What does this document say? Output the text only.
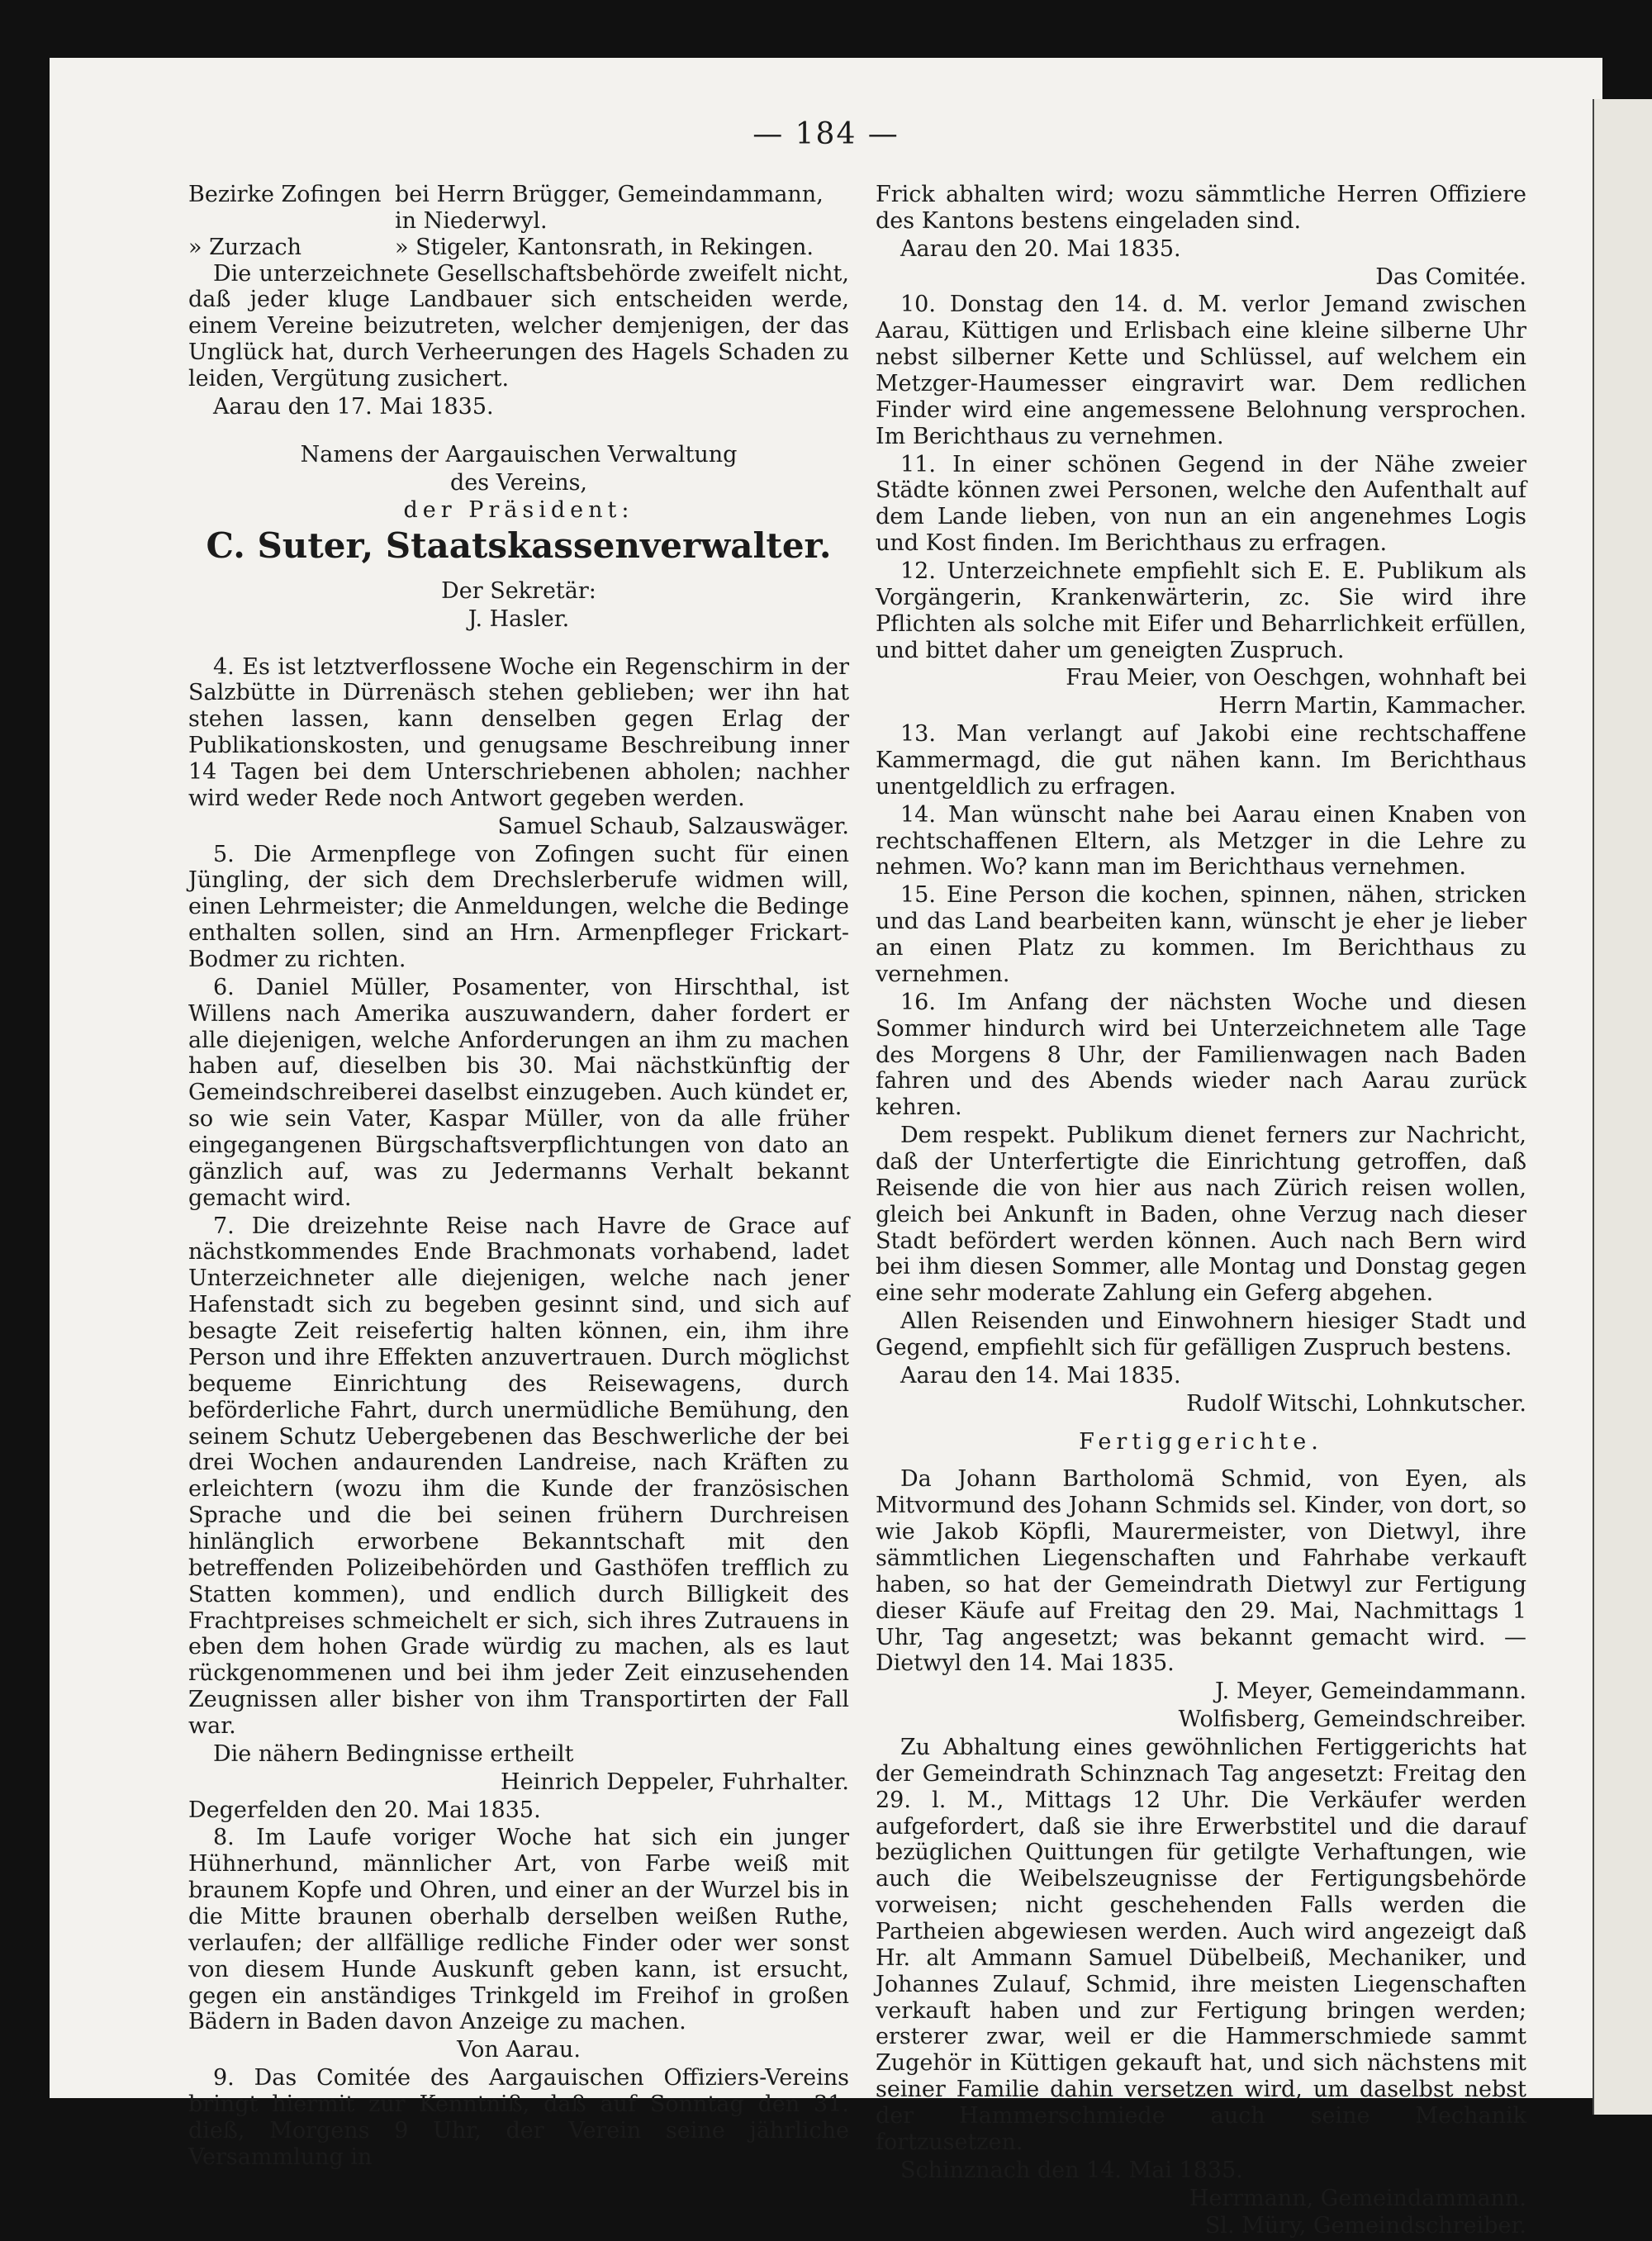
— 184 —
Bezirke Zofingen bei Herrn Brügger, Gemeindammann, in Niederwyl.
» Zurzach	» Stigeler, Kantonsrath, in Rekingen.

Die unterzeichnete Gesellschaftsbehörde zweifelt nicht, daß jeder kluge Landbauer sich entscheiden werde, einem Vereine beizutreten, welcher demjenigen, der das Unglück hat, durch Verheerungen des Hagels Schaden zu leiden, Vergütung zusichert.

Aarau den 17. Mai 1835.

Namens der Aargauischen Verwaltung

des Vereins,

der Präsident:

C. Suter, Staatskassenverwalter.

Der Sekretär:

J. Hasler.

4. Es ist letztverflossene Woche ein Regenschirm in der Salzbütte in Dürrenäsch stehen geblieben; wer ihn hat stehen lassen, kann denselben gegen Erlag der Publikationskosten, und genugsame Beschreibung inner 14 Tagen bei dem Unterschriebenen abholen; nachher wird weder Rede noch Antwort gegeben werden.

Samuel Schaub, Salzauswäger.

5. Die Armenpflege von Zofingen sucht für einen Jüngling, der sich dem Drechslerberufe widmen will, einen Lehrmeister; die Anmeldungen, welche die Bedinge enthalten sollen, sind an Hrn. Armenpfleger Frickart-Bodmer zu richten.

6. Daniel Müller, Posamenter, von Hirschthal, ist Willens nach Amerika auszuwandern, daher fordert er alle diejenigen, welche Anforderungen an ihm zu machen haben auf, dieselben bis 30. Mai nächstkünftig der Gemeindschreiberei daselbst einzugeben. Auch kündet er, so wie sein Vater, Kaspar Müller, von da alle früher eingegangenen Bürgschaftsverpflichtungen von dato an gänzlich auf, was zu Jedermanns Verhalt bekannt gemacht wird.

7. Die dreizehnte Reise nach Havre de Grace auf nächstkommendes Ende Brachmonats vorhabend, ladet Unterzeichneter alle diejenigen, welche nach jener Hafenstadt sich zu begeben gesinnt sind, und sich auf besagte Zeit reisefertig halten können, ein, ihm ihre Person und ihre Effekten anzuvertrauen. Durch möglichst bequeme Einrichtung des Reisewagens, durch beförderliche Fahrt, durch unermüdliche Bemühung, den seinem Schutz Uebergebenen das Beschwerliche der bei drei Wochen andaurenden Landreise, nach Kräften zu erleichtern (wozu ihm die Kunde der französischen Sprache und die bei seinen frühern Durchreisen hinlänglich erworbene Bekanntschaft mit den betreffenden Polizeibehörden und Gasthöfen trefflich zu Statten kommen), und endlich durch Billigkeit des Frachtpreises schmeichelt er sich, sich ihres Zutrauens in eben dem hohen Grade würdig zu machen, als es laut rückgenommenen und bei ihm jeder Zeit einzusehenden Zeugnissen aller bisher von ihm Transportirten der Fall war.

Die nähern Bedingnisse ertheilt

Heinrich Deppeler, Fuhrhalter.

Degerfelden den 20. Mai 1835.

8. Im Laufe voriger Woche hat sich ein junger Hühnerhund, männlicher Art, von Farbe weiß mit braunem Kopfe und Ohren, und einer an der Wurzel bis in die Mitte braunen oberhalb derselben weißen Ruthe, verlaufen; der allfällige redliche Finder oder wer sonst von diesem Hunde Auskunft geben kann, ist ersucht, gegen ein anständiges Trinkgeld im Freihof in großen Bädern in Baden davon Anzeige zu machen.

Von Aarau.

9. Das Comitée des Aargauischen Offiziers-Vereins bringt hiermit zur Kenntniß, daß auf Sonntag den 31. dieß, Morgens 9 Uhr, der Verein seine jährliche Versammlung in

Frick abhalten wird; wozu sämmtliche Herren Offiziere des Kantons bestens eingeladen sind.

Aarau den 20. Mai 1835.

Das Comitée.

10. Donstag den 14. d. M. verlor Jemand zwischen Aarau, Küttigen und Erlisbach eine kleine silberne Uhr nebst silberner Kette und Schlüssel, auf welchem ein Metzger-Haumesser eingravirt war. Dem redlichen Finder wird eine angemessene Belohnung versprochen. Im Berichthaus zu vernehmen.

11. In einer schönen Gegend in der Nähe zweier Städte können zwei Personen, welche den Aufenthalt auf dem Lande lieben, von nun an ein angenehmes Logis und Kost finden. Im Berichthaus zu erfragen.

12. Unterzeichnete empfiehlt sich E. E. Publikum als Vorgängerin, Krankenwärterin, zc. Sie wird ihre Pflichten als solche mit Eifer und Beharrlichkeit erfüllen, und bittet daher um geneigten Zuspruch.

Frau Meier, von Oeschgen, wohnhaft bei

Herrn Martin, Kammacher.

13. Man verlangt auf Jakobi eine rechtschaffene Kammermagd, die gut nähen kann. Im Berichthaus unentgeldlich zu erfragen.

14. Man wünscht nahe bei Aarau einen Knaben von rechtschaffenen Eltern, als Metzger in die Lehre zu nehmen. Wo? kann man im Berichthaus vernehmen.

15. Eine Person die kochen, spinnen, nähen, stricken und das Land bearbeiten kann, wünscht je eher je lieber an einen Platz zu kommen. Im Berichthaus zu vernehmen.

16. Im Anfang der nächsten Woche und diesen Sommer hindurch wird bei Unterzeichnetem alle Tage des Morgens 8 Uhr, der Familienwagen nach Baden fahren und des Abends wieder nach Aarau zurück kehren.

Dem respekt. Publikum dienet ferners zur Nachricht, daß der Unterfertigte die Einrichtung getroffen, daß Reisende die von hier aus nach Zürich reisen wollen, gleich bei Ankunft in Baden, ohne Verzug nach dieser Stadt befördert werden können. Auch nach Bern wird bei ihm diesen Sommer, alle Montag und Donstag gegen eine sehr moderate Zahlung ein Geferg abgehen.

Allen Reisenden und Einwohnern hiesiger Stadt und Gegend, empfiehlt sich für gefälligen Zuspruch bestens.

Aarau den 14. Mai 1835.

Rudolf Witschi, Lohnkutscher.

Fertiggerichte.

Da Johann Bartholomä Schmid, von Eyen, als Mitvormund des Johann Schmids sel. Kinder, von dort, so wie Jakob Köpfli, Maurermeister, von Dietwyl, ihre sämmtlichen Liegenschaften und Fahrhabe verkauft haben, so hat der Gemeindrath Dietwyl zur Fertigung dieser Käufe auf Freitag den 29. Mai, Nachmittags 1 Uhr, Tag angesetzt; was bekannt gemacht wird. — Dietwyl den 14. Mai 1835.

J. Meyer, Gemeindammann.

Wolfisberg, Gemeindschreiber.

Zu Abhaltung eines gewöhnlichen Fertiggerichts hat der Gemeindrath Schinznach Tag angesetzt: Freitag den 29. l. M., Mittags 12 Uhr. Die Verkäufer werden aufgefordert, daß sie ihre Erwerbstitel und die darauf bezüglichen Quittungen für getilgte Verhaftungen, wie auch die Weibelszeugnisse der Fertigungsbehörde vorweisen; nicht geschehenden Falls werden die Partheien abgewiesen werden. Auch wird angezeigt daß Hr. alt Ammann Samuel Dübelbeiß, Mechaniker, und Johannes Zulauf, Schmid, ihre meisten Liegenschaften verkauft haben und zur Fertigung bringen werden; ersterer zwar, weil er die Hammerschmiede sammt Zugehör in Küttigen gekauft hat, und sich nächstens mit seiner Familie dahin versetzen wird, um daselbst nebst der Hammerschmiede auch seine Mechanik fortzusetzen.

Schinznach den 14. Mai 1835.

Herrmann, Gemeindammann.

Sl. Müry, Gemeindschreiber.
